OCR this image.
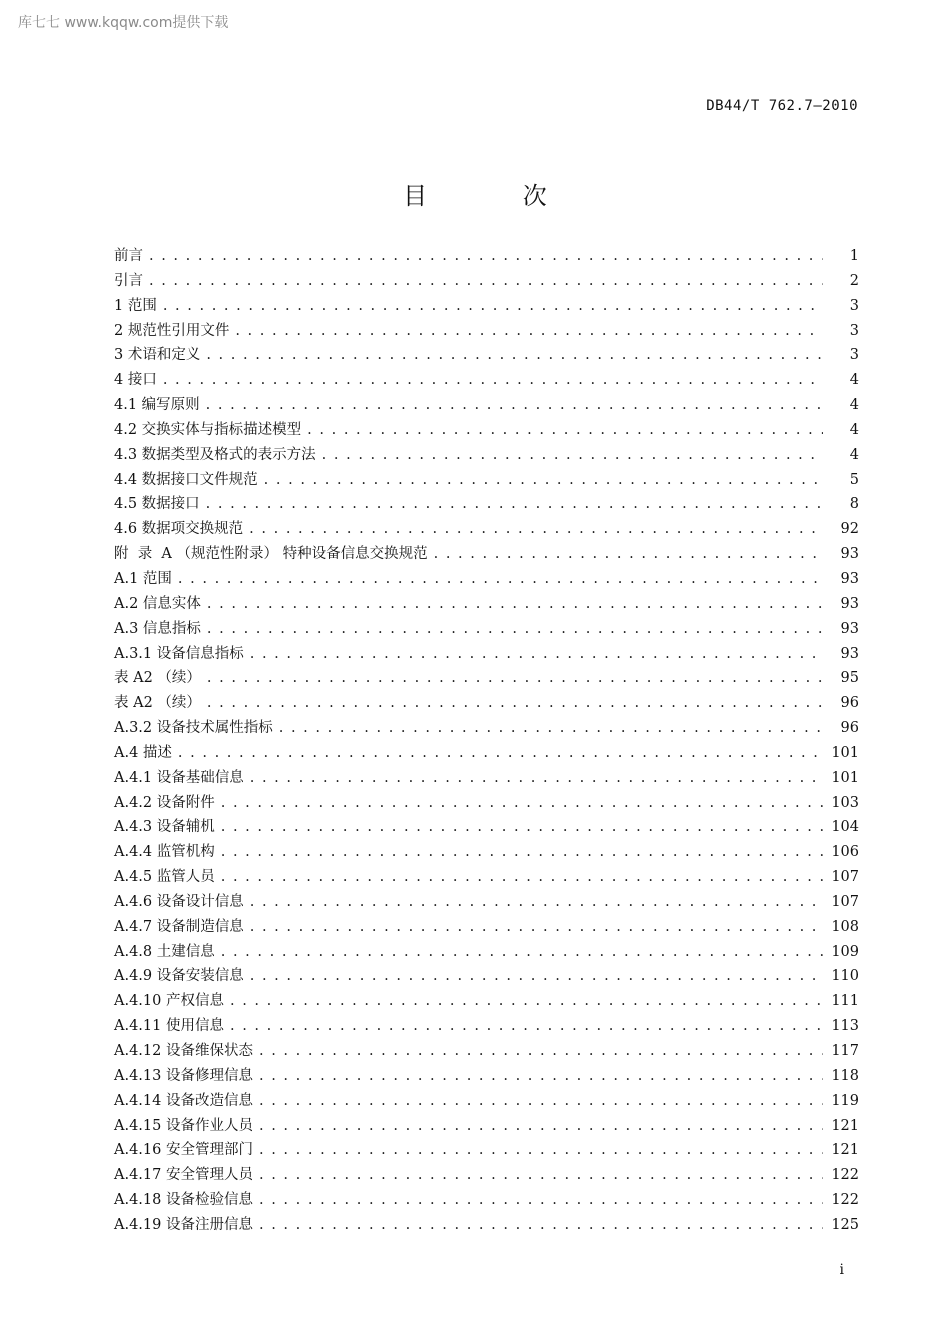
库七七 www.kqqw.com提供下载
DB44/T 762.7—2010
目 次
前言 . . .	1
引言 . . .	2
1 范围 . . .	3
2 规范性引用文件 . . .	3
3 术语和定义 . . .	3
4 接口 . . .	4
4.1 编写原则 . . .	4
4.2 交换实体与指标描述模型 . . .	4
4.3 数据类型及格式的表示方法 . . .	4
4.4 数据接口文件规范 . . .	5
4.5 数据接口 . . .	8
4.6 数据项交换规范 . . .	92
附  录  A （规范性附录） 特种设备信息交换规范 . . .	93
A.1 范围 . . .	93
A.2 信息实体 . . .	93
A.3 信息指标 . . .	93
A.3.1 设备信息指标 . . .	93
表 A2 （续） . . .	95
表 A2 （续） . . .	96
A.3.2 设备技术属性指标 . . .	96
A.4 描述 . . .	101
A.4.1 设备基础信息 . . .	101
A.4.2 设备附件 . . .	103
A.4.3 设备辅机 . . .	104
A.4.4 监管机构 . . .	106
A.4.5 监管人员 . . .	107
A.4.6 设备设计信息 . . .	107
A.4.7 设备制造信息 . . .	108
A.4.8 土建信息 . . .	109
A.4.9 设备安装信息 . . .	110
A.4.10 产权信息 . . .	111
A.4.11 使用信息 . . .	113
A.4.12 设备维保状态 . . .	117
A.4.13 设备修理信息 . . .	118
A.4.14 设备改造信息 . . .	119
A.4.15 设备作业人员 . . .	121
A.4.16 安全管理部门 . . .	121
A.4.17 安全管理人员 . . .	122
A.4.18 设备检验信息 . . .	122
A.4.19 设备注册信息 . . .	125
i
